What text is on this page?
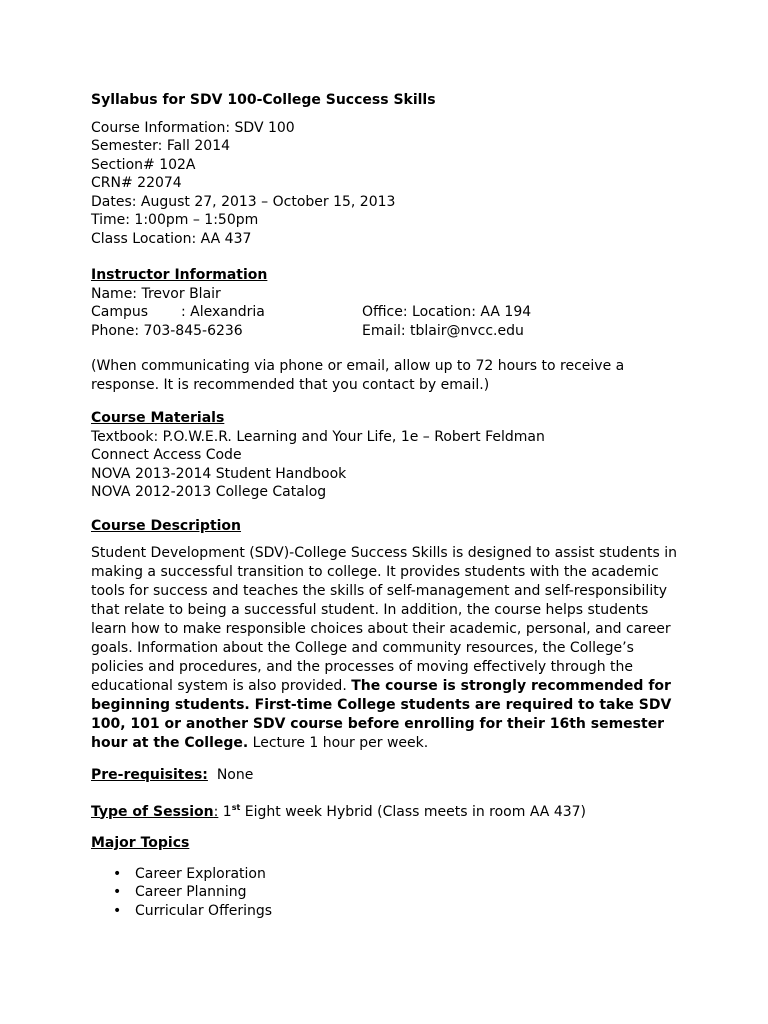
Syllabus for SDV 100-College Success Skills
Course Information: SDV 100
Semester: Fall 2014
Section# 102A
CRN# 22074
Dates: August 27, 2013 – October 15, 2013
Time: 1:00pm – 1:50pm
Class Location: AA 437
Instructor Information
Name: Trevor Blair
Campus : Alexandria	Office: Location: AA 194
Phone: 703-845-6236	Email: tblair@nvcc.edu

(When communicating via phone or email, allow up to 72 hours to receive a response. It is recommended that you contact by email.)

Course Materials
Textbook: P.O.W.E.R. Learning and Your Life, 1e – Robert Feldman
Connect Access Code
NOVA 2013-2014 Student Handbook
NOVA 2012-2013 College Catalog
Course Description

Student Development (SDV)-College Success Skills is designed to assist students in making a successful transition to college. It provides students with the academic tools for success and teaches the skills of self-management and self-responsibility that relate to being a successful student. In addition, the course helps students learn how to make responsible choices about their academic, personal, and career goals. Information about the College and community resources, the College’s policies and procedures, and the processes of moving effectively through the educational system is also provided. The course is strongly recommended for beginning students. First-time College students are required to take SDV 100, 101 or another SDV course before enrolling for their 16th semester hour at the College. Lecture 1 hour per week.

Pre-requisites: None
Type of Session: 1st Eight week Hybrid (Class meets in room AA 437)
Major Topics
• Career Exploration
• Career Planning
• Curricular Offerings
